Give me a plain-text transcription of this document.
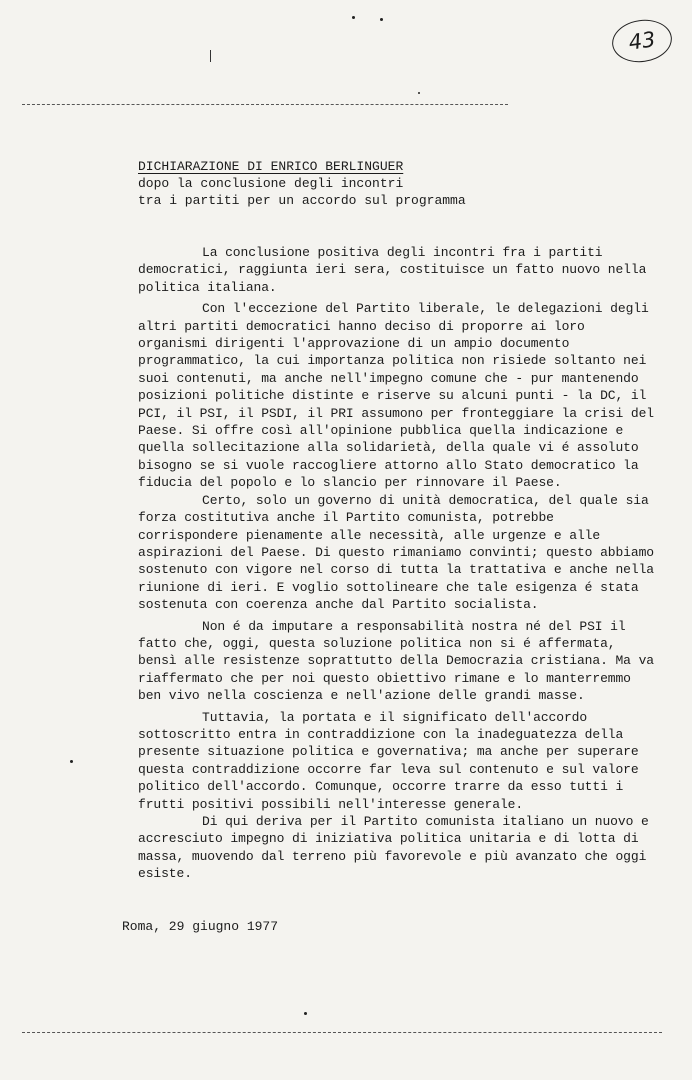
43
DICHIARAZIONE DI ENRICO BERLINGUER
dopo la conclusione degli incontri
tra i partiti per un accordo sul programma

La conclusione positiva degli incontri fra i partiti democratici, raggiunta ieri sera, costituisce un fatto nuovo nella politica italiana.

Con l'eccezione del Partito liberale, le delegazioni degli altri partiti democratici hanno deciso di proporre ai loro organismi dirigenti l'approvazione di un ampio documento programmatico, la cui importanza politica non risiede soltanto nei suoi contenuti, ma anche nell'impegno comune che - pur mantenendo posizioni politiche distinte e riserve su alcuni punti - la DC, il PCI, il PSI, il PSDI, il PRI assumono per fronteggiare la crisi del Paese. Si offre così all'opinione pubblica quella indicazione e quella sollecitazione alla solidarietà, della quale vi é assoluto bisogno se si vuole raccogliere attorno allo Stato democratico la fiducia del popolo e lo slancio per rinnovare il Paese.

Certo, solo un governo di unità democratica, del quale sia forza costitutiva anche il Partito comunista, potrebbe corrispondere pienamente alle necessità, alle urgenze e alle aspirazioni del Paese. Di questo rimaniamo convinti; questo abbiamo sostenuto con vigore nel corso di tutta la trattativa e anche nella riunione di ieri. E voglio sottolineare che tale esigenza é stata sostenuta con coerenza anche dal Partito socialista.

Non é da imputare a responsabilità nostra né del PSI il fatto che, oggi, questa soluzione politica non si é affermata, bensì alle resistenze soprattutto della Democrazia cristiana. Ma va riaffermato che per noi questo obiettivo rimane e lo manterremmo ben vivo nella coscienza e nell'azione delle grandi masse.

Tuttavia, la portata e il significato dell'accordo sottoscritto entra in contraddizione con la inadeguatezza della presente situazione politica e governativa; ma anche per superare questa contraddizione occorre far leva sul contenuto e sul valore politico dell'accordo. Comunque, occorre trarre da esso tutti i frutti positivi possibili nell'interesse generale.

Di qui deriva per il Partito comunista italiano un nuovo e accresciuto impegno di iniziativa politica unitaria e di lotta di massa, muovendo dal terreno più favorevole e più avanzato che oggi esiste.

Roma, 29 giugno 1977
